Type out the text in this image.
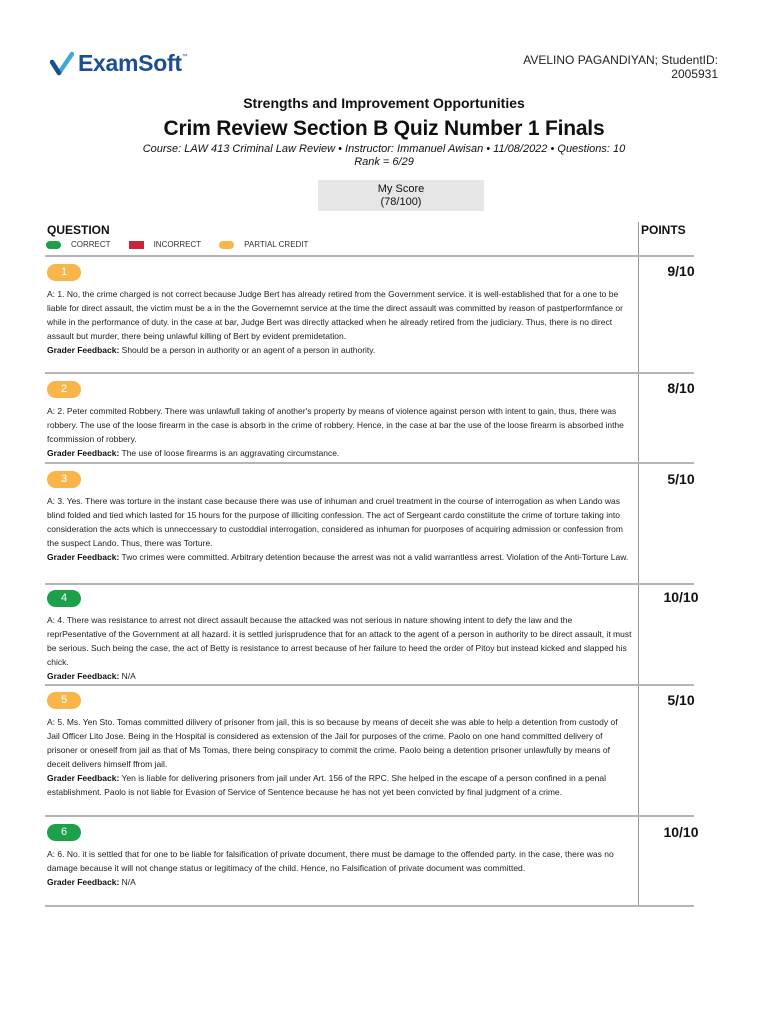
ExamSoft ™	AVELINO PAGANDIYAN; StudentID:
2005931
Strengths and Improvement Opportunities
Crim Review Section B Quiz Number 1 Finals
Course: LAW 413 Criminal Law Review • Instructor: Immanuel Awisan • 11/08/2022 • Questions: 10
Rank = 6/29
My Score
(78/100)
QUESTION	POINTS
CORRECT	INCORRECT	PARTIAL CREDIT
1

A: 1. No, the crime charged is not correct because Judge Bert has already retired from the Government service. it is well-established that for a one to be liable for direct assault, the victim must be a in the the Governemnt service at the time the direct assault was committed by reason of pastperformfance or while in the performance of duty. in the case at bar, Judge Bert was directly attacked when he already retired from the judiciary. Thus, there is no direct assault but murder, there being unlawful killing of Bert by evident premidetation.

Grader Feedback: Should be a person in authority or an agent of a person in authority.

9/10
2

A: 2. Peter commited Robbery. There was unlawfull taking of another's property by means of violence against person with intent to gain, thus, there was robbery. The use of the loose firearm in the case is absorb in the crime of robbery. Hence, in the case at bar the use of the loose firearm is absorbed inthe fcommission of robbery.

Grader Feedback: The use of loose firearms is an aggravating circumstance.

8/10
3

A: 3. Yes. There was torture in the instant case because there was use of inhuman and cruel treatment in the course of interrogation as when Lando was blind folded and tied which lasted for 15 hours for the purpose of illiciting confession. The act of Sergeant cardo constiitute the crime of torture taking into consideration the acts which is unneccessary to custoddial interrogation, considered as inhuman for puorposes of acquiring admission or confession from the suspect Lando. Thus, there was Torture.

Grader Feedback: Two crimes were committed. Arbitrary detention because the arrest was not a valid warrantless arrest. Violation of the Anti-Torture Law.

5/10
4

A: 4. There was resistance to arrest not direct assault because the attacked was not serious in nature showing intent to defy the law and the reprPesentative of the Government at all hazard. it is settled jurisprudence that for an attack to the agent of a person in authority to be direct assault, it must be serious. Such being the case, the act of Betty is resistance to arrest because of her failure to heed the order of Pitoy but instead kicked and slapped his chick.

Grader Feedback: N/A

10/10
5

A: 5. Ms. Yen Sto. Tomas committed dilivery of prisoner from jail, this is so because by means of deceit she was able to help a detention from custody of Jail Officer Lito Jose. Being in the Hospital is considered as extension of the Jail for purposes of the crime. Paolo on one hand committed delivery of prisoner or oneself from jail as that of Ms Tomas, there being conspiracy to commit the crime. Paolo being a detention prisoner unlawfully by means of deceit delivers himself ffrom jail.

Grader Feedback: Yen is liable for delivering prisoners from jail under Art. 156 of the RPC. She helped in the escape of a person confined in a penal establishment. Paolo is not liable for Evasion of Service of Sentence because he has not yet been convicted by final judgment of a crime.

5/10
6

A: 6. No. it is settled that for one to be liable for falsification of private document, there must be damage to the offended party. in the case, there was no damage because it will not change status or legitimacy of the child. Hence, no Falsification of private document was committed.

Grader Feedback: N/A

10/10
